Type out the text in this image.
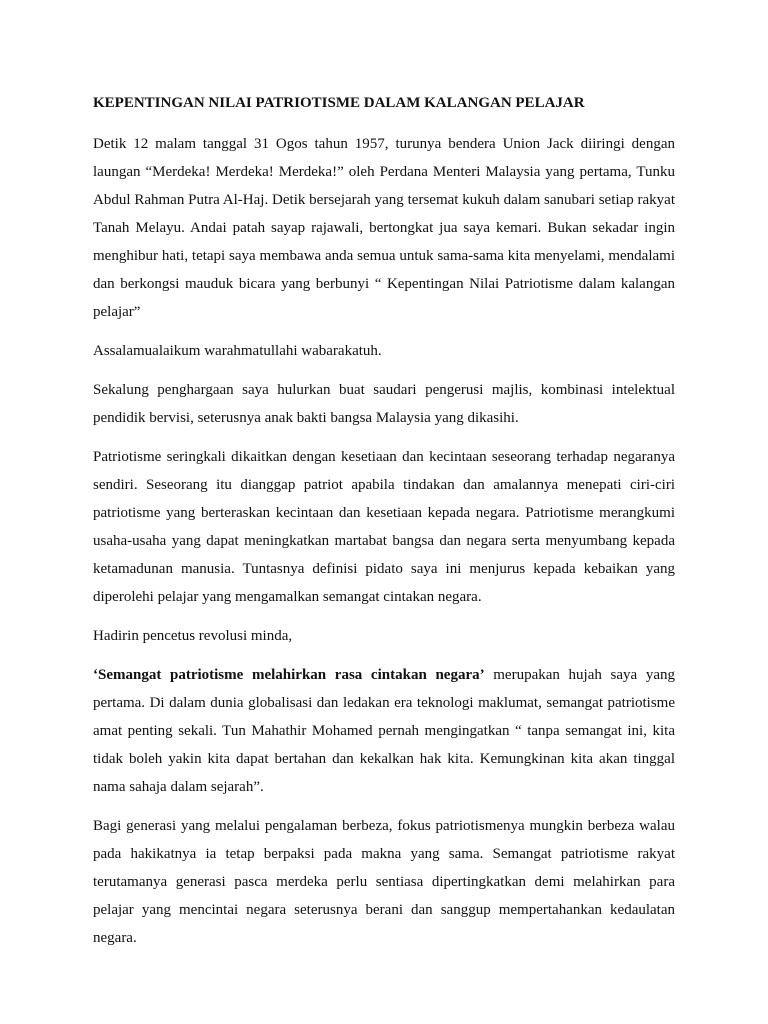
KEPENTINGAN NILAI PATRIOTISME DALAM KALANGAN PELAJAR

Detik 12 malam tanggal 31 Ogos tahun 1957, turunya bendera Union Jack diiringi dengan laungan “Merdeka! Merdeka! Merdeka!” oleh Perdana Menteri Malaysia yang pertama, Tunku Abdul Rahman Putra Al-Haj. Detik bersejarah yang tersemat kukuh dalam sanubari setiap rakyat Tanah Melayu. Andai patah sayap rajawali, bertongkat jua saya kemari. Bukan sekadar ingin menghibur hati, tetapi saya membawa anda semua untuk sama-sama kita menyelami, mendalami dan berkongsi mauduk bicara yang berbunyi “ Kepentingan Nilai Patriotisme dalam kalangan pelajar”

Assalamualaikum warahmatullahi wabarakatuh.

Sekalung penghargaan saya hulurkan buat saudari pengerusi majlis, kombinasi intelektual pendidik bervisi, seterusnya anak bakti bangsa Malaysia yang dikasihi.

Patriotisme seringkali dikaitkan dengan kesetiaan dan kecintaan seseorang terhadap negaranya sendiri. Seseorang itu dianggap patriot apabila tindakan dan amalannya menepati ciri-ciri patriotisme yang berteraskan kecintaan dan kesetiaan kepada negara. Patriotisme merangkumi usaha-usaha yang dapat meningkatkan martabat bangsa dan negara serta menyumbang kepada ketamadunan manusia. Tuntasnya definisi pidato saya ini menjurus kepada kebaikan yang diperolehi pelajar yang mengamalkan semangat cintakan negara.

Hadirin pencetus revolusi minda,

‘Semangat patriotisme melahirkan rasa cintakan negara’ merupakan hujah saya yang pertama. Di dalam dunia globalisasi dan ledakan era teknologi maklumat, semangat patriotisme amat penting sekali. Tun Mahathir Mohamed pernah mengingatkan “ tanpa semangat ini, kita tidak boleh yakin kita dapat bertahan dan kekalkan hak kita. Kemungkinan kita akan tinggal nama sahaja dalam sejarah”.

Bagi generasi yang melalui pengalaman berbeza, fokus patriotismenya mungkin berbeza walau pada hakikatnya ia tetap berpaksi pada makna yang sama. Semangat patriotisme rakyat terutamanya generasi pasca merdeka perlu sentiasa dipertingkatkan demi melahirkan para pelajar yang mencintai negara seterusnya berani dan sanggup mempertahankan kedaulatan negara.
